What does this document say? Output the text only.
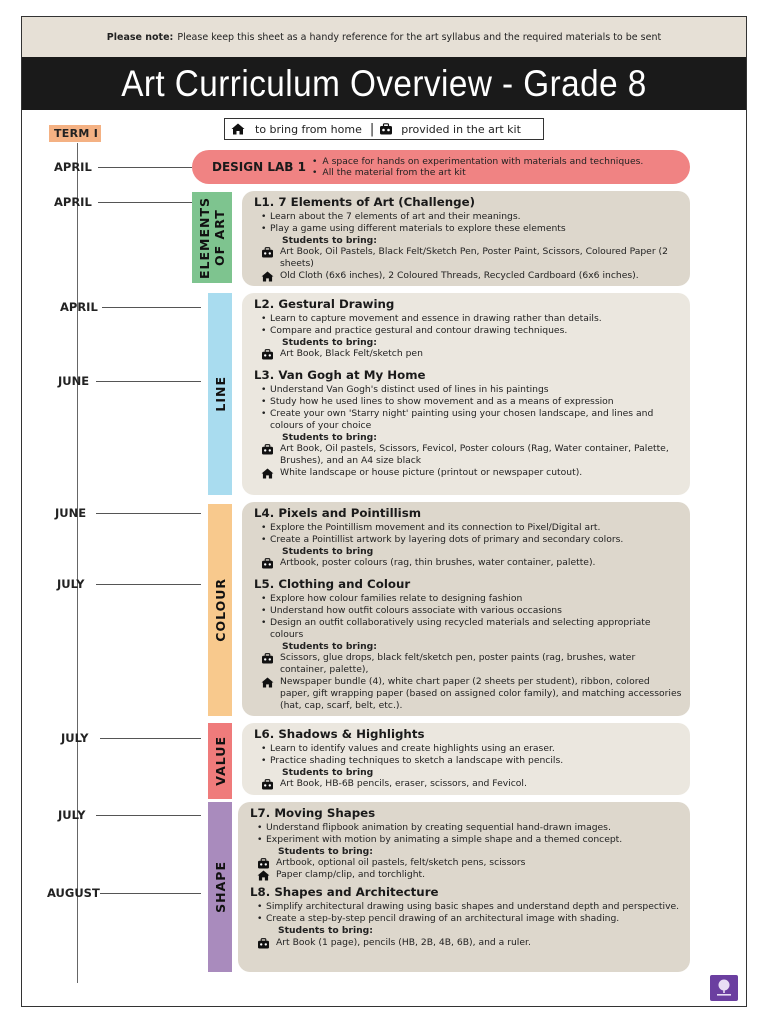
Please note: Please keep this sheet as a handy reference for the art syllabus and the required materials to be sent
Art Curriculum Overview - Grade 8
to bring from home | provided in the art kit
TERM I
APRIL
APRIL
APRIL
JUNE
JUNE
JULY
JULY
JULY
AUGUST
DESIGN LAB 1
•	A space for hands on experimentation with materials and techniques.
• All the material from the art kit
ELEMENTS OF ART
LINE
COLOUR
VALUE
SHAPE
L1. 7 Elements of Art (Challenge)
• Learn about the 7 elements of art and their meanings.
• Play a game using different materials to explore these elements
Students to bring:
Art Book, Oil Pastels, Black Felt/Sketch Pen, Poster Paint, Scissors, Coloured Paper (2 sheets)
Old Cloth (6x6 inches), 2 Coloured Threads, Recycled Cardboard (6x6 inches).
L2. Gestural Drawing
• Learn to capture movement and essence in drawing rather than details.
• Compare and practice gestural and contour drawing techniques.
Students to bring:
Art Book, Black Felt/sketch pen
L3. Van Gogh at My Home
• Understand Van Gogh's distinct used of lines in his paintings
• Study how he used lines to show movement and as a means of expression
• Create your own 'Starry night' painting using your chosen landscape, and lines and colours of your choice
Students to bring:
Art Book, Oil pastels, Scissors, Fevicol, Poster colours (Rag, Water container, Palette, Brushes), and an A4 size black
White landscape or house picture (printout or newspaper cutout).
L4. Pixels and Pointillism
• Explore the Pointillism movement and its connection to Pixel/Digital art.
• Create a Pointillist artwork by layering dots of primary and secondary colors.
Students to bring
Artbook, poster colours (rag, thin brushes, water container, palette).
L5. Clothing and Colour
• Explore how colour families relate to designing fashion
• Understand how outfit colours associate with various occasions
• Design an outfit collaboratively using recycled materials and selecting appropriate colours
Students to bring:
Scissors, glue drops, black felt/sketch pen, poster paints (rag, brushes, water container, palette),
Newspaper bundle (4), white chart paper (2 sheets per student), ribbon, colored paper, gift wrapping paper (based on assigned color family), and matching accessories (hat, cap, scarf, belt, etc.).
L6. Shadows & Highlights
• Learn to identify values and create highlights using an eraser.
• Practice shading techniques to sketch a landscape with pencils.
Students to bring
Art Book, HB-6B pencils, eraser, scissors, and Fevicol.
L7. Moving Shapes
• Understand flipbook animation by creating sequential hand-drawn images.
• Experiment with motion by animating a simple shape and a themed concept.
Students to bring:
Artbook, optional oil pastels, felt/sketch pens, scissors
Paper clamp/clip, and torchlight.
L8. Shapes and Architecture
• Simplify architectural drawing using basic shapes and understand depth and perspective.
• Create a step-by-step pencil drawing of an architectural image with shading.
Students to bring:
Art Book (1 page), pencils (HB, 2B, 4B, 6B), and a ruler.
